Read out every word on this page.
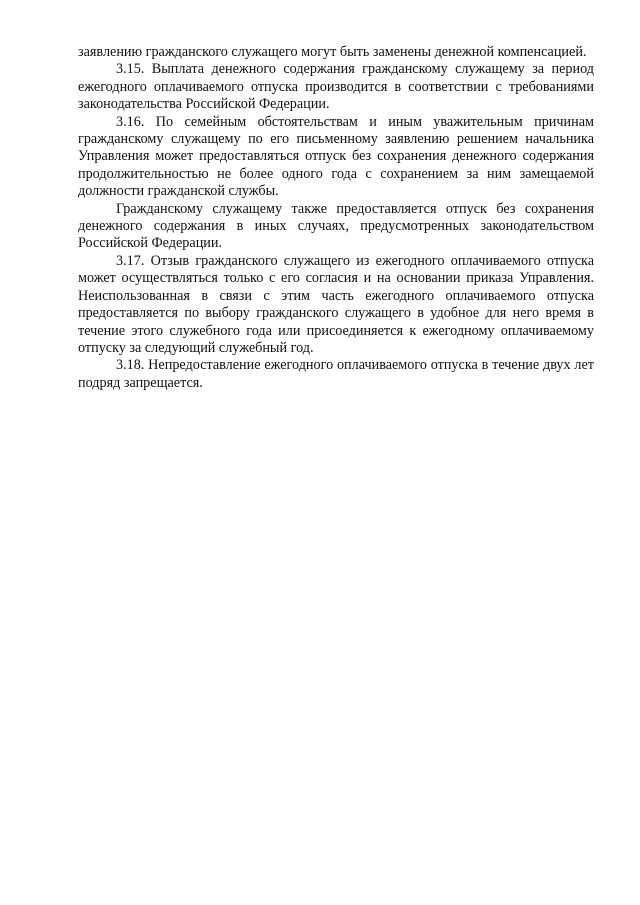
заявлению гражданского служащего могут быть заменены денежной компенсацией.

3.15. Выплата денежного содержания гражданскому служащему за период ежегодного оплачиваемого отпуска производится в соответствии с требованиями законодательства Российской Федерации.

3.16. По семейным обстоятельствам и иным уважительным причинам гражданскому служащему по его письменному заявлению решением начальника Управления может предоставляться отпуск без сохранения денежного содержания продолжительностью не более одного года с сохранением за ним замещаемой должности гражданской службы.

Гражданскому служащему также предоставляется отпуск без сохранения денежного содержания в иных случаях, предусмотренных законодательством Российской Федерации.

3.17. Отзыв гражданского служащего из ежегодного оплачиваемого отпуска может осуществляться только с его согласия и на основании приказа Управления. Неиспользованная в связи с этим часть ежегодного оплачиваемого отпуска предоставляется по выбору гражданского служащего в удобное для него время в течение этого служебного года или присоединяется к ежегодному оплачиваемому отпуску за следующий служебный год.

3.18. Непредоставление ежегодного оплачиваемого отпуска в течение двух лет подряд запрещается.
